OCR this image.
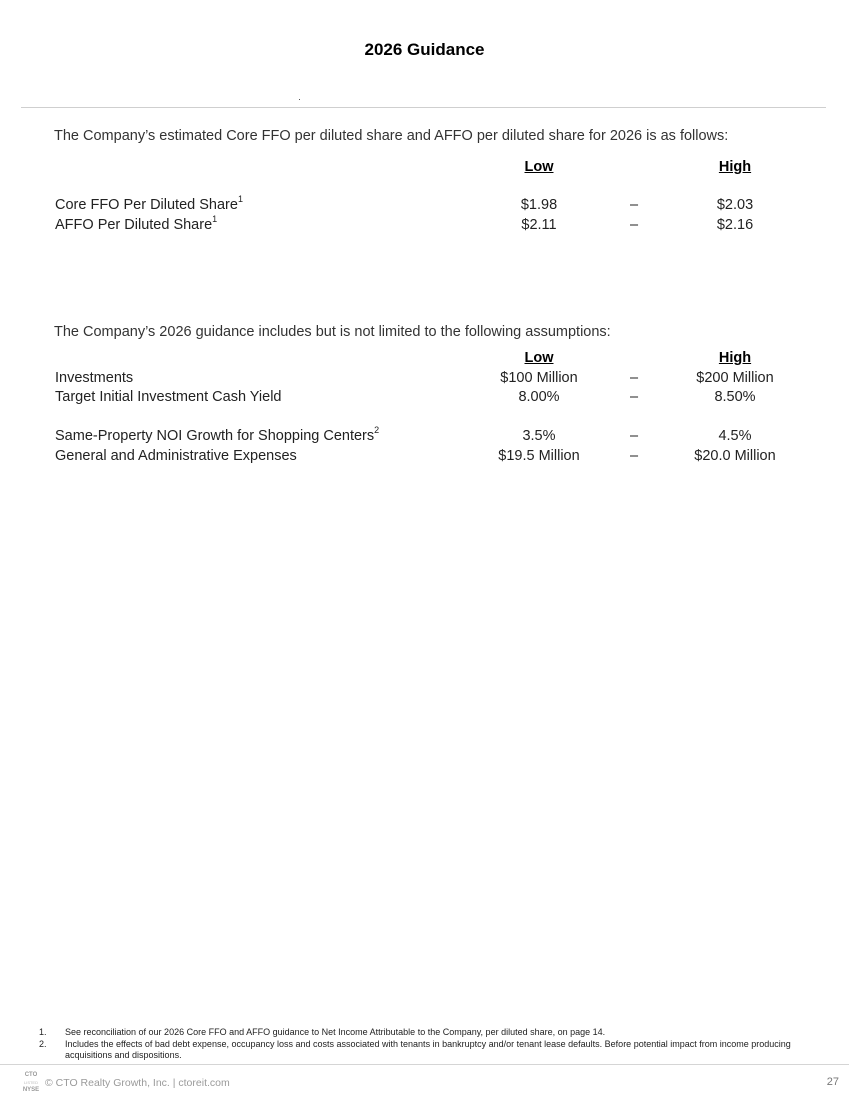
2026 Guidance
The Company’s estimated Core FFO per diluted share and AFFO per diluted share for 2026 is as follows:
Low	High
Core FFO Per Diluted Share$^1$	$1.98	–	$2.03
AFFO Per Diluted Share$^1$	$2.11	–	$2.16
The Company’s 2026 guidance includes but is not limited to the following assumptions:
Low	High
Investments	$100 Million	–	$200 Million
Target Initial Investment Cash Yield	8.00%	–	8.50%
Same-Property NOI Growth for Shopping Centers$^2$	3.5%	–	4.5%
General and Administrative Expenses	$19.5 Million	–	$20.0 Million
1. See reconciliation of our 2026 Core FFO and AFFO guidance to Net Income Attributable to the Company, per diluted share, on page 14.
2. Includes the effects of bad debt expense, occupancy loss and costs associated with tenants in bankruptcy and/or tenant lease defaults. Before potential impact from income producing acquisitions and dispositions.
CTO
LISTED
NYSE
© CTO Realty Growth, Inc. | ctoreit.com	27
